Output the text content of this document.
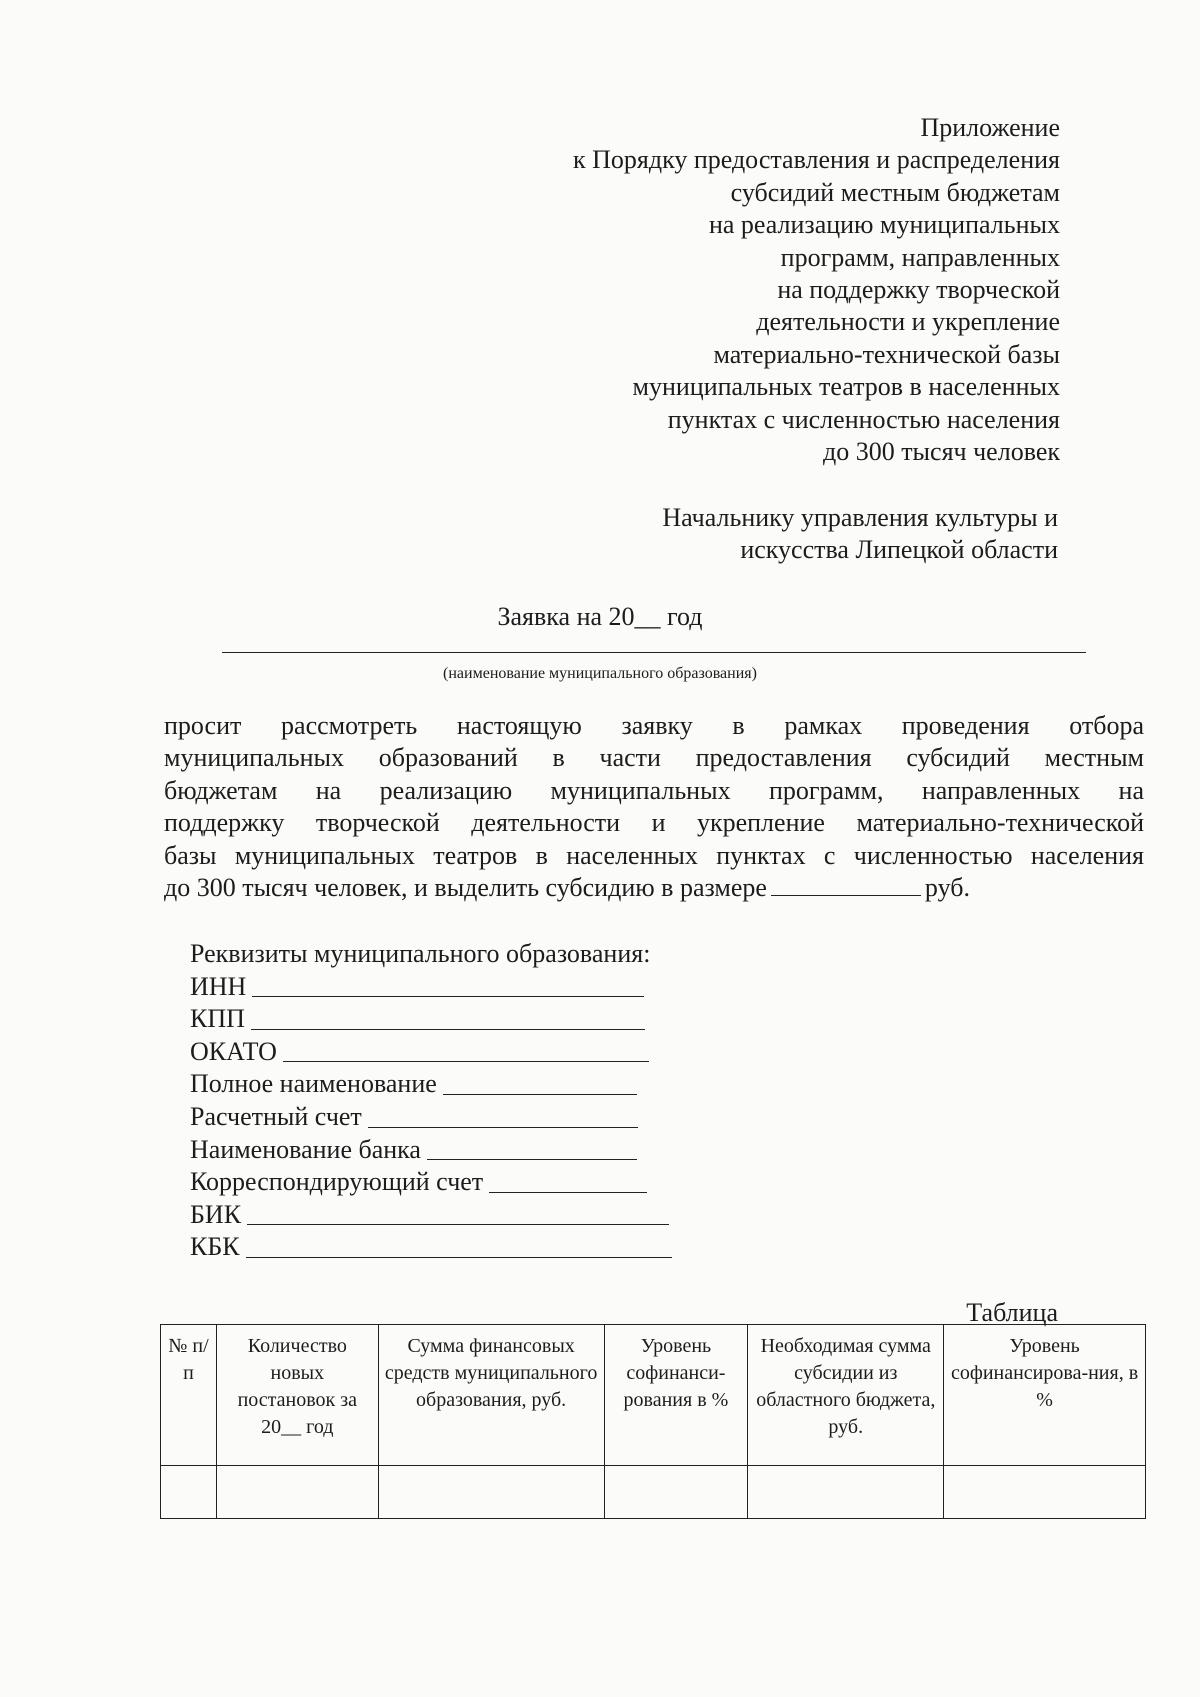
Приложение
к Порядку предоставления и распределения
субсидий местным бюджетам
на реализацию муниципальных
программ, направленных
на поддержку творческой
деятельности и укрепление
материально-технической базы
муниципальных театров в населенных
пунктах с численностью населения
до 300 тысяч человек
Начальнику управления культуры и
искусства Липецкой области
Заявка на 20__ год
(наименование муниципального образования)
просит рассмотреть настоящую заявку в рамках проведения отбора
муниципальных образований в части предоставления субсидий местным
бюджетам на реализацию муниципальных программ, направленных на
поддержку творческой деятельности и укрепление материально-технической
базы муниципальных театров в населенных пунктах с численностью населения
до 300 тысяч человек, и выделить субсидию в размере	руб.
Реквизиты муниципального образования:
ИНН
КПП
ОКАТО
Полное наименование
Расчетный счет
Наименование банка
Корреспондирующий счет
БИК
КБК
Таблица
№ п/п	Количество новых постановок за 20__ год	Сумма финансовых средств муниципального образования, руб.	Уровень софинанси-рования в %	Необходимая сумма субсидии из областного бюджета, руб.	Уровень софинансирова-ния, в %
